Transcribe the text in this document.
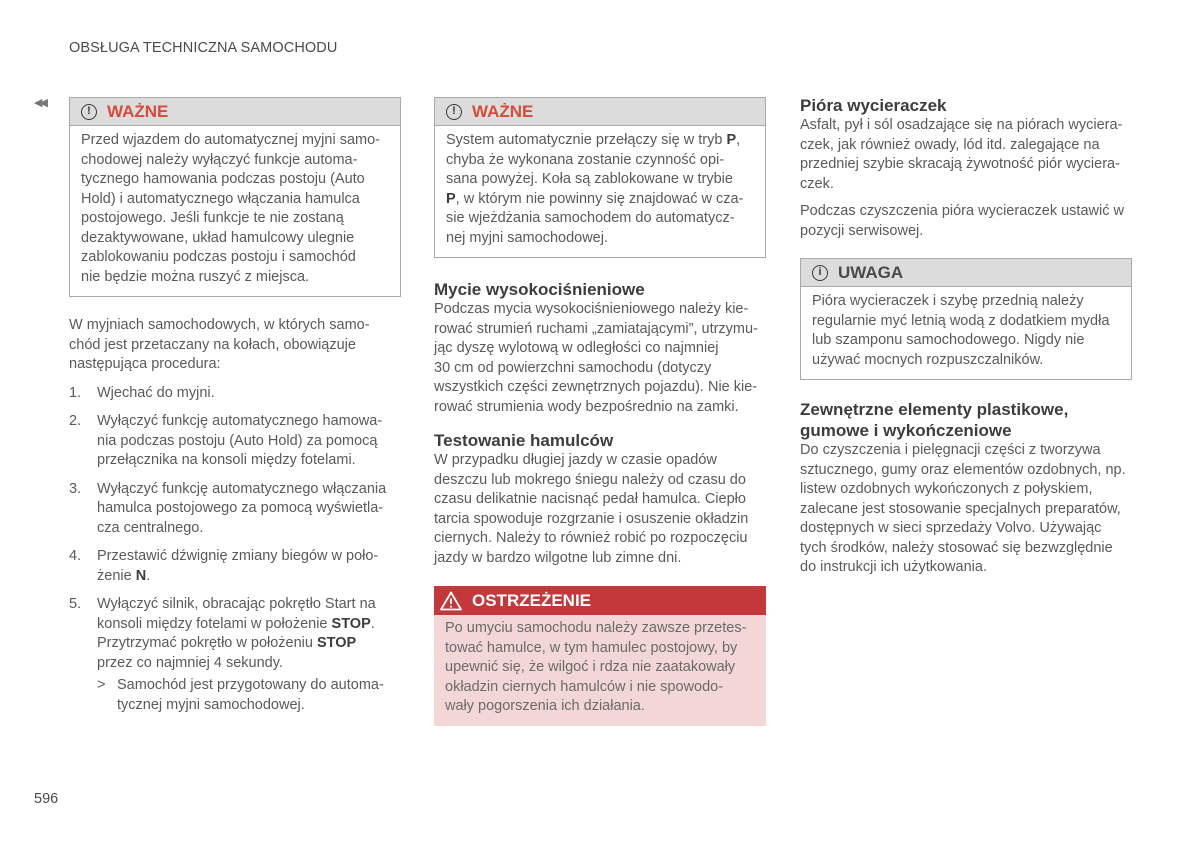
OBSŁUGA TECHNICZNA SAMOCHODU
◀◀
596
! WAŻNE
Przed wjazdem do automatycznej myjni samo-
chodowej należy wyłączyć funkcje automa-
tycznego hamowania podczas postoju (Auto
Hold) i automatycznego włączania hamulca
postojowego. Jeśli funkcje te nie zostaną
dezaktywowane, układ hamulcowy ulegnie
zablokowaniu podczas postoju i samochód
nie będzie można ruszyć z miejsca.
W myjniach samochodowych, w których samo-
chód jest przetaczany na kołach, obowiązuje
następująca procedura:
1. Wjechać do myjni.
2. Wyłączyć funkcję automatycznego hamowa-
nia podczas postoju (Auto Hold) za pomocą
przełącznika na konsoli między fotelami.
3. Wyłączyć funkcję automatycznego włączania
hamulca postojowego za pomocą wyświetla-
cza centralnego.
4. Przestawić dźwignię zmiany biegów w poło-
żenie N.
5. Wyłączyć silnik, obracając pokrętło Start na
konsoli między fotelami w położenie STOP.
Przytrzymać pokrętło w położeniu STOP
przez co najmniej 4 sekundy.
> Samochód jest przygotowany do automa-
tycznej myjni samochodowej.
! WAŻNE
System automatycznie przełączy się w tryb P,
chyba że wykonana zostanie czynność opi-
sana powyżej. Koła są zablokowane w trybie
P, w którym nie powinny się znajdować w cza-
sie wjeżdżania samochodem do automatycz-
nej myjni samochodowej.
Mycie wysokociśnieniowe
Podczas mycia wysokociśnieniowego należy kie-
rować strumień ruchami „zamiatającymi”, utrzymu-
jąc dyszę wylotową w odległości co najmniej
30 cm od powierzchni samochodu (dotyczy
wszystkich części zewnętrznych pojazdu). Nie kie-
rować strumienia wody bezpośrednio na zamki.
Testowanie hamulców
W przypadku długiej jazdy w czasie opadów
deszczu lub mokrego śniegu należy od czasu do
czasu delikatnie nacisnąć pedał hamulca. Ciepło
tarcia spowoduje rozgrzanie i osuszenie okładzin
ciernych. Należy to również robić po rozpoczęciu
jazdy w bardzo wilgotne lub zimne dni.
OSTRZEŻENIE
Po umyciu samochodu należy zawsze przetes-
tować hamulce, w tym hamulec postojowy, by
upewnić się, że wilgoć i rdza nie zaatakowały
okładzin ciernych hamulców i nie spowodo-
wały pogorszenia ich działania.
Pióra wycieraczek
Asfalt, pył i sól osadzające się na piórach wyciera-
czek, jak również owady, lód itd. zalegające na
przedniej szybie skracają żywotność piór wyciera-
czek.
Podczas czyszczenia pióra wycieraczek ustawić w
pozycji serwisowej.
i UWAGA
Pióra wycieraczek i szybę przednią należy
regularnie myć letnią wodą z dodatkiem mydła
lub szamponu samochodowego. Nigdy nie
używać mocnych rozpuszczalników.
Zewnętrzne elementy plastikowe,
gumowe i wykończeniowe
Do czyszczenia i pielęgnacji części z tworzywa
sztucznego, gumy oraz elementów ozdobnych, np.
listew ozdobnych wykończonych z połyskiem,
zalecane jest stosowanie specjalnych preparatów,
dostępnych w sieci sprzedaży Volvo. Używając
tych środków, należy stosować się bezwzględnie
do instrukcji ich użytkowania.
